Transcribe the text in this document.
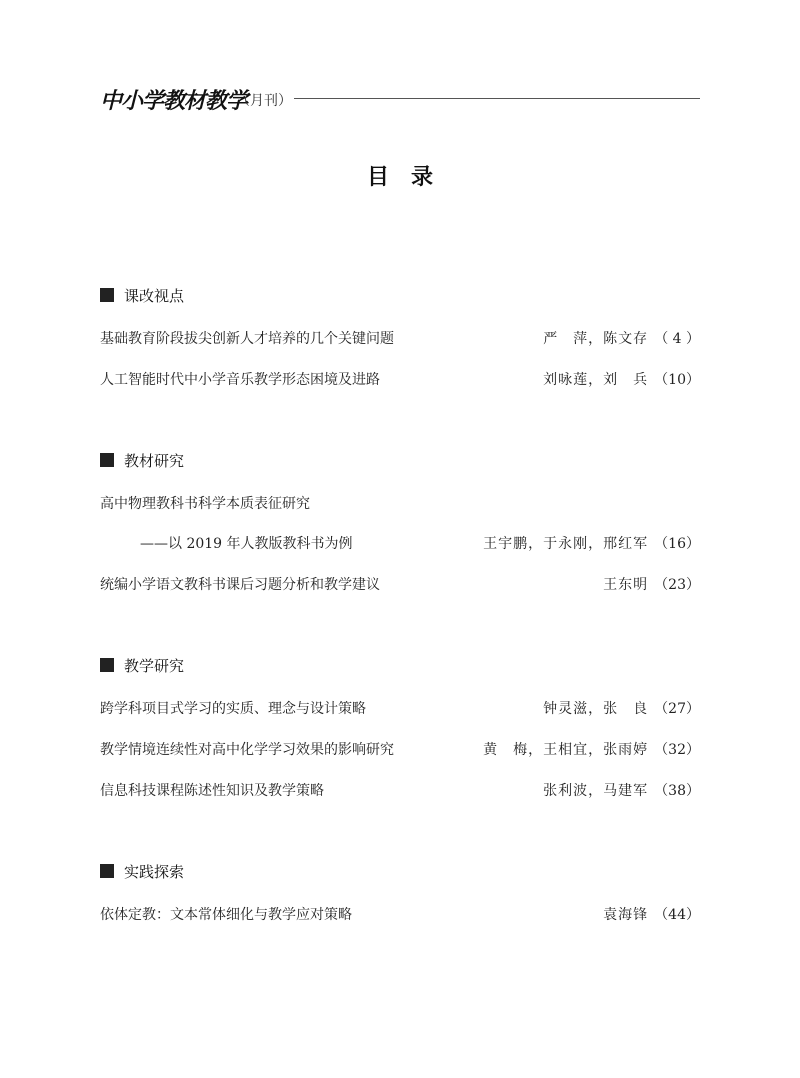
中小学教材教学
（月刊）
目录
课改视点
基础教育阶段拔尖创新人才培养的几个关键问题	严　萍，陈文存 （ 4 ）
人工智能时代中小学音乐教学形态困境及进路	刘咏莲，刘　兵 （10）
教材研究
高中物理教科书科学本质表征研究
——以 2019 年人教版教科书为例	王宇鹏，于永刚，邢红军 （16）
统编小学语文教科书课后习题分析和教学建议	王东明 （23）
教学研究
跨学科项目式学习的实质、理念与设计策略	钟灵滋，张　良 （27）
教学情境连续性对高中化学学习效果的影响研究	黄　梅，王相宜，张雨婷 （32）
信息科技课程陈述性知识及教学策略	张利波，马建军 （38）
实践探索
依体定教：文本常体细化与教学应对策略	袁海锋 （44）
